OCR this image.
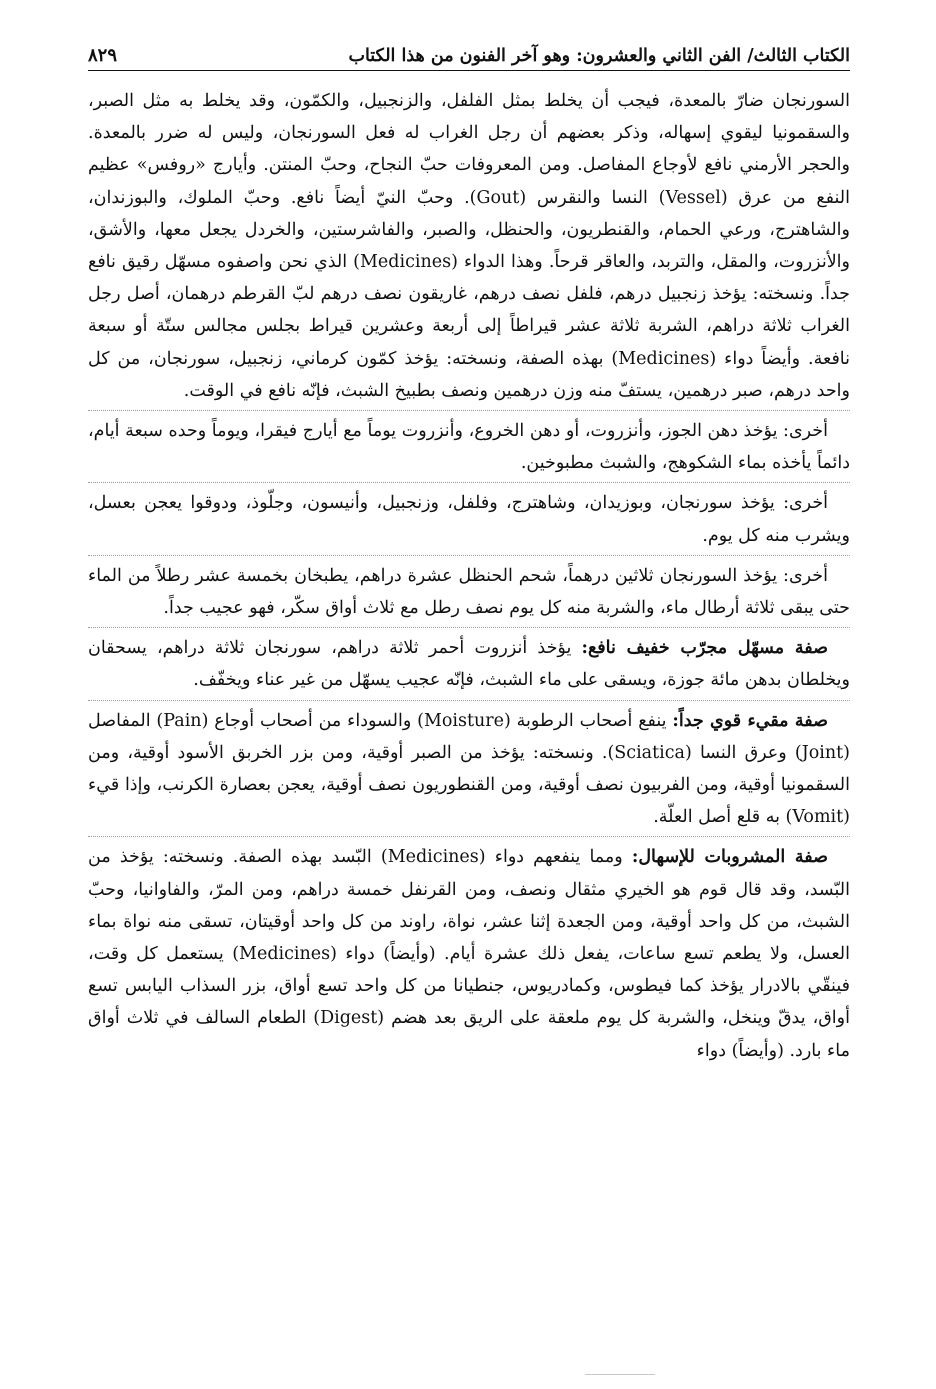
الكتاب الثالث/ الفن الثاني والعشرون: وهو آخر الفنون من هذا الكتاب
٨٢٩

السورنجان ضارّ بالمعدة، فيجب أن يخلط بمثل الفلفل، والزنجبيل، والكمّون، وقد يخلط به مثل الصبر، والسقمونيا ليقوي إسهاله، وذكر بعضهم أن رجل الغراب له فعل السورنجان، وليس له ضرر بالمعدة. والحجر الأرمني نافع لأوجاع المفاصل. ومن المعروفات حبّ النجاح، وحبّ المنتن. وأيارج «روفس» عظيم النفع من عرق (Vessel) النسا والنقرس (Gout). وحبّ النيّ أيضاً نافع. وحبّ الملوك، والبوزندان، والشاهترج، ورعي الحمام، والقنطريون، والحنظل، والصبر، والفاشرستين، والخردل يجعل معها، والأشق، والأنزروت، والمقل، والتربد، والعاقر قرحاً. وهذا الدواء (Medicines) الذي نحن واصفوه مسهّل رقيق نافع جداً. ونسخته: يؤخذ زنجبيل درهم، فلفل نصف درهم، غاريقون نصف درهم لبّ القرطم درهمان، أصل رجل الغراب ثلاثة دراهم، الشربة ثلاثة عشر قيراطاً إلى أربعة وعشرين قيراط بجلس مجالس ستّة أو سبعة نافعة. وأيضاً دواء (Medicines) بهذه الصفة، ونسخته: يؤخذ كمّون كرماني، زنجبيل، سورنجان، من كل واحد درهم، صبر درهمين، يستفّ منه وزن درهمين ونصف بطبيخ الشبث، فإنّه نافع في الوقت.

أخرى: يؤخذ دهن الجوز، وأنزروت، أو دهن الخروع، وأنزروت يوماً مع أيارج فيقرا، ويوماً وحده سبعة أيام، دائماً يأخذه بماء الشكوهج، والشبث مطبوخين.

أخرى: يؤخذ سورنجان، وبوزيدان، وشاهترج، وفلفل، وزنجبيل، وأنيسون، وجلّوذ، ودوقوا يعجن بعسل، ويشرب منه كل يوم.

أخرى: يؤخذ السورنجان ثلاثين درهماً، شحم الحنظل عشرة دراهم، يطبخان بخمسة عشر رطلاً من الماء حتى يبقى ثلاثة أرطال ماء، والشربة منه كل يوم نصف رطل مع ثلاث أواق سكّر، فهو عجيب جداً.

صفة مسهّل مجرّب خفيف نافع: يؤخذ أنزروت أحمر ثلاثة دراهم، سورنجان ثلاثة دراهم، يسحقان ويخلطان بدهن مائة جوزة، ويسقى على ماء الشبث، فإنّه عجيب يسهّل من غير عناء ويخفّف.

صفة مقيء قوي جداً: ينفع أصحاب الرطوبة (Moisture) والسوداء من أصحاب أوجاع (Pain) المفاصل (Joint) وعرق النسا (Sciatica). ونسخته: يؤخذ من الصبر أوقية، ومن بزر الخربق الأسود أوقية، ومن السقمونيا أوقية، ومن الفربيون نصف أوقية، ومن القنطوريون نصف أوقية، يعجن بعصارة الكرنب، وإذا قيء (Vomit) به قلع أصل العلّة.

صفة المشروبات للإسهال: ومما ينفعهم دواء (Medicines) البّسد بهذه الصفة. ونسخته: يؤخذ من البّسد، وقد قال قوم هو الخيري مثقال ونصف، ومن القرنفل خمسة دراهم، ومن المرّ، والفاوانيا، وحبّ الشبث، من كل واحد أوقية، ومن الجعدة إثنا عشر، نواة، راوند من كل واحد أوقيتان، تسقى منه نواة بماء العسل، ولا يطعم تسع ساعات، يفعل ذلك عشرة أيام. (وأيضاً) دواء (Medicines) يستعمل كل وقت، فينقّي بالادرار يؤخذ كما فيطوس، وكمادريوس، جنطيانا من كل واحد تسع أواق، بزر السذاب اليابس تسع أواق، يدقّ وينخل، والشربة كل يوم ملعقة على الريق بعد هضم (Digest) الطعام السالف في ثلاث أواق ماء بارد. (وأيضاً) دواء
